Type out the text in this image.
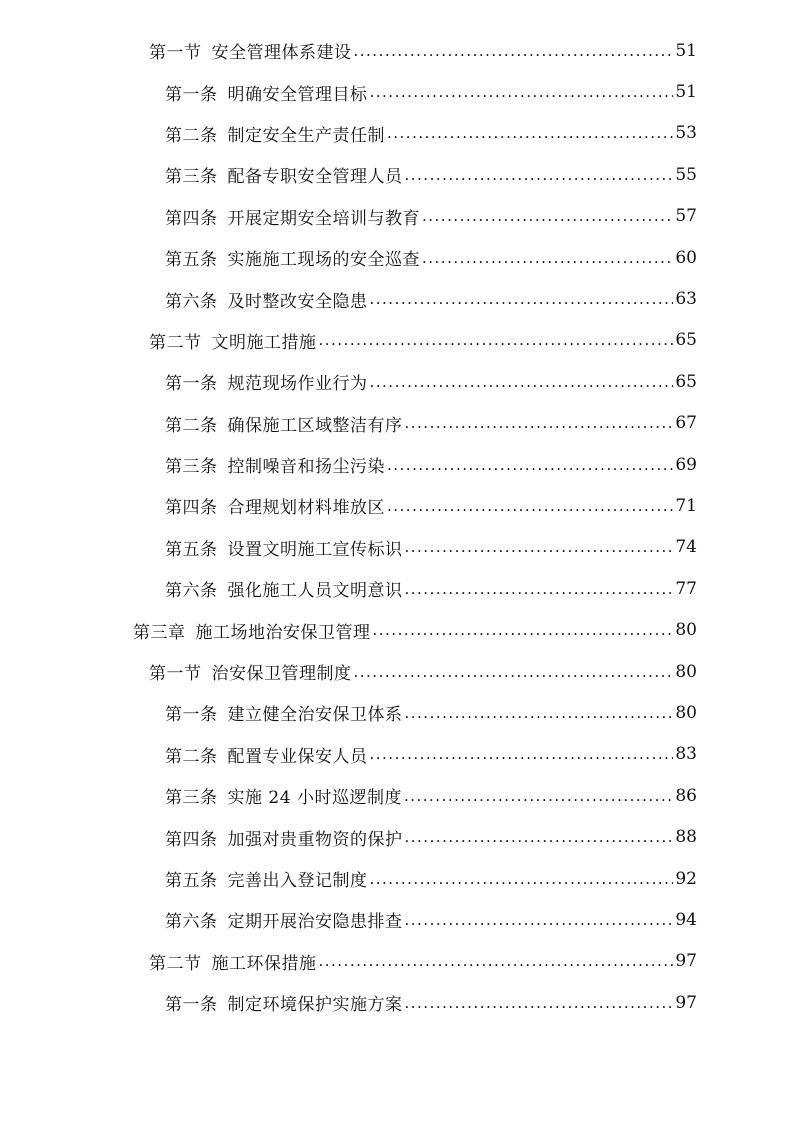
第一节 安全管理体系建设 .....	51
第一条 明确安全管理目标 .....	51
第二条 制定安全生产责任制 .....	53
第三条 配备专职安全管理人员 .....	55
第四条 开展定期安全培训与教育 .....	57
第五条 实施施工现场的安全巡查 .....	60
第六条 及时整改安全隐患 .....	63
第二节 文明施工措施 .....	65
第一条 规范现场作业行为 .....	65
第二条 确保施工区域整洁有序 .....	67
第三条 控制噪音和扬尘污染 .....	69
第四条 合理规划材料堆放区 .....	71
第五条 设置文明施工宣传标识 .....	74
第六条 强化施工人员文明意识 .....	77
第三章 施工场地治安保卫管理 .....	80
第一节 治安保卫管理制度 .....	80
第一条 建立健全治安保卫体系 .....	80
第二条 配置专业保安人员 .....	83
第三条 实施 24 小时巡逻制度 .....	86
第四条 加强对贵重物资的保护 .....	88
第五条 完善出入登记制度 .....	92
第六条 定期开展治安隐患排查 .....	94
第二节 施工环保措施 .....	97
第一条 制定环境保护实施方案 .....	97
